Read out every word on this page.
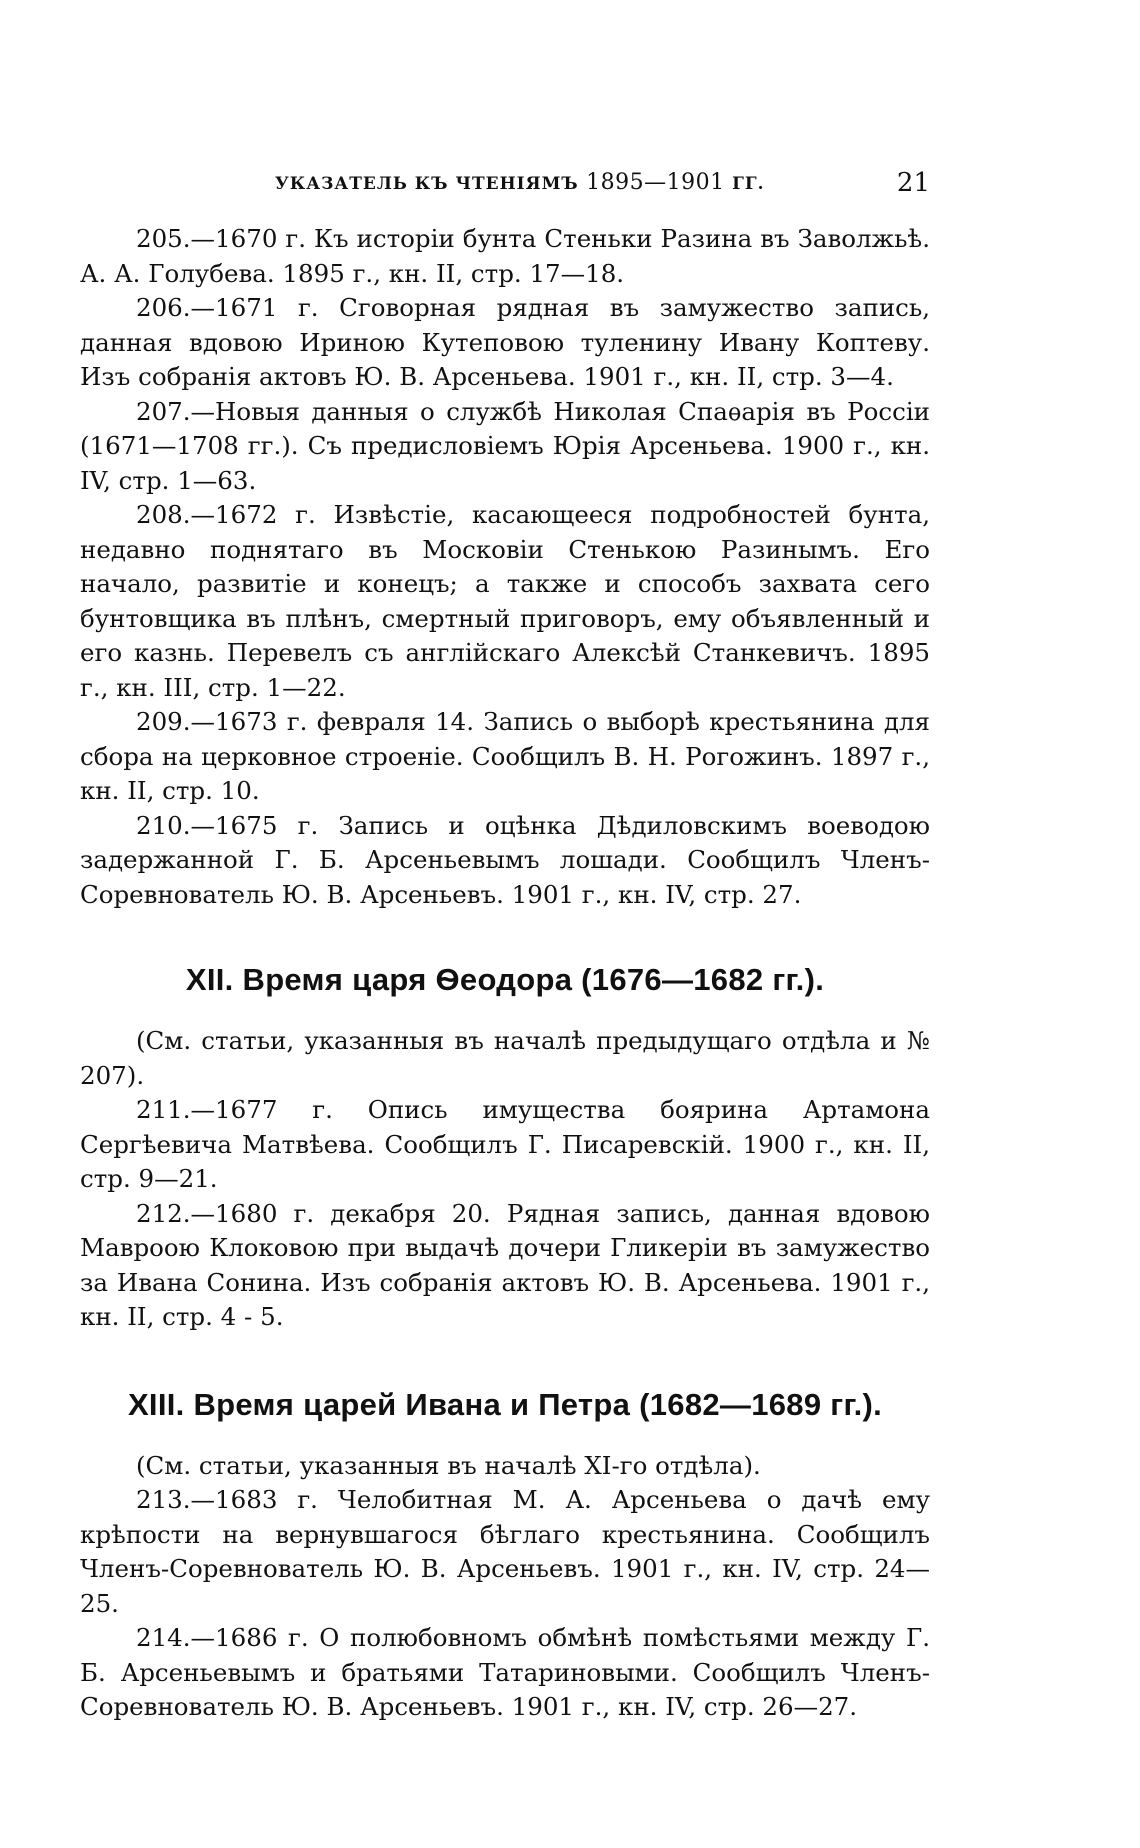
УКАЗАТЕЛЬ КЪ ЧТЕНІЯМЪ 1895—1901 ГГ.	21

205.—1670 г. Къ исторіи бунта Стеньки Разина въ Заволжьѣ. А. А. Голубева. 1895 г., кн. II, стр. 17—18.

206.—1671 г. Сговорная рядная въ замужество запись, данная вдовою Ириною Кутеповою туленину Ивану Коптеву. Изъ собранія актовъ Ю. В. Арсеньева. 1901 г., кн. II, стр. 3—4.

207.—Новыя данныя о службѣ Николая Спаѳарія въ Россіи (1671—1708 гг.). Съ предисловіемъ Юрія Арсеньева. 1900 г., кн. IV, стр. 1—63.

208.—1672 г. Извѣстіе, касающееся подробностей бунта, недавно поднятаго въ Московіи Стенькою Разинымъ. Его начало, развитіе и конецъ; а также и способъ захвата сего бунтовщика въ плѣнъ, смертный приговоръ, ему объявленный и его казнь. Перевелъ съ англійскаго Алексѣй Станкевичъ. 1895 г., кн. III, стр. 1—22.

209.—1673 г. февраля 14. Запись о выборѣ крестьянина для сбора на церковное строеніе. Сообщилъ В. Н. Рогожинъ. 1897 г., кн. II, стр. 10.

210.—1675 г. Запись и оцѣнка Дѣдиловскимъ воеводою задержанной Г. Б. Арсеньевымъ лошади. Сообщилъ Членъ-Соревнователь Ю. В. Арсеньевъ. 1901 г., кн. IV, стр. 27.

XII. Время царя Ѳеодора (1676—1682 гг.).

(См. статьи, указанныя въ началѣ предыдущаго отдѣла и № 207).

211.—1677 г. Опись имущества боярина Артамона Сергѣевича Матвѣева. Сообщилъ Г. Писаревскій. 1900 г., кн. II, стр. 9—21.

212.—1680 г. декабря 20. Рядная запись, данная вдовою Мавроою Клоковою при выдачѣ дочери Гликеріи въ замужество за Ивана Сонина. Изъ собранія актовъ Ю. В. Арсеньева. 1901 г., кн. II, стр. 4 - 5.

XIII. Время царей Ивана и Петра (1682—1689 гг.).

(См. статьи, указанныя въ началѣ XI-го отдѣла).

213.—1683 г. Челобитная М. А. Арсеньева о дачѣ ему крѣпости на вернувшагося бѣглаго крестьянина. Сообщилъ Членъ-Соревнователь Ю. В. Арсеньевъ. 1901 г., кн. IV, стр. 24—25.

214.—1686 г. О полюбовномъ обмѣнѣ помѣстьями между Г. Б. Арсеньевымъ и братьями Татариновыми. Сообщилъ Членъ-Соревнователь Ю. В. Арсеньевъ. 1901 г., кн. IV, стр. 26—27.
